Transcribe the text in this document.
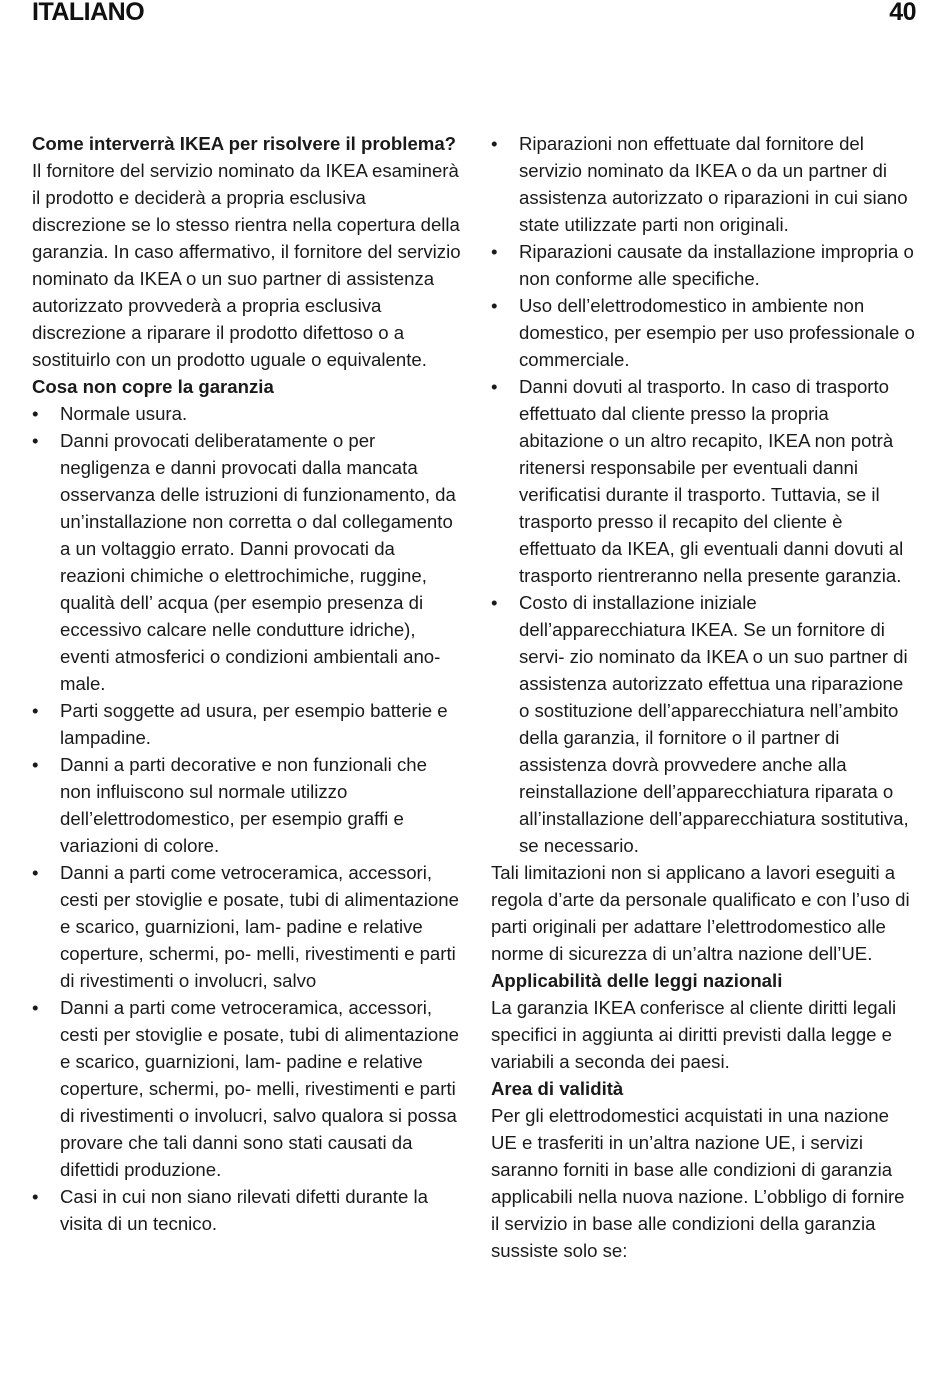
ITALIANO	40
Come interverrà IKEA per risolvere il problema?

Il fornitore del servizio nominato da IKEA esaminerà il prodotto e deciderà a propria esclusiva discrezione se lo stesso rientra nella copertura della garanzia. In caso affermativo, il fornitore del servizio nominato da IKEA o un suo partner di assistenza autorizzato provvederà a propria esclusiva discrezione a riparare il prodotto difettoso o a sostituirlo con un prodotto uguale o equivalente.

Cosa non copre la garanzia
• Normale usura.
• Danni provocati deliberatamente o per negligenza e danni provocati dalla mancata osservanza delle istruzioni di funzionamento, da un’installazione non corretta o dal collegamento a un voltaggio errato. Danni provocati da reazioni chimiche o elettrochimiche, ruggine, qualità dell’ acqua (per esempio presenza di eccessivo calcare nelle condutture idriche), eventi atmosferici o condizioni ambientali ano- male.
• Parti soggette ad usura, per esempio batterie e lampadine.
• Danni a parti decorative e non funzionali che non influiscono sul normale utilizzo dell’elettrodomestico, per esempio graffi e variazioni di colore.
• Danni a parti come vetroceramica, accessori, cesti per stoviglie e posate, tubi di alimentazione e scarico, guarnizioni, lam- padine e relative coperture, schermi, po- melli, rivestimenti e parti di rivestimenti o involucri, salvo
• Danni a parti come vetroceramica, accessori, cesti per stoviglie e posate, tubi di alimentazione e scarico, guarnizioni, lam- padine e relative coperture, schermi, po- melli, rivestimenti e parti di rivestimenti o involucri, salvo qualora si possa provare che tali danni sono stati causati da difettidi produzione.
• Casi in cui non siano rilevati difetti durante la visita di un tecnico.
• Riparazioni non effettuate dal fornitore del servizio nominato da IKEA o da un partner di assistenza autorizzato o riparazioni in cui siano state utilizzate parti non originali.
• Riparazioni causate da installazione impropria o non conforme alle specifiche.
• Uso dell’elettrodomestico in ambiente non domestico, per esempio per uso professionale o commerciale.
• Danni dovuti al trasporto. In caso di trasporto effettuato dal cliente presso la propria abitazione o un altro recapito, IKEA non potrà ritenersi responsabile per eventuali danni verificatisi durante il trasporto. Tuttavia, se il trasporto presso il recapito del cliente è effettuato da IKEA, gli eventuali danni dovuti al trasporto rientreranno nella presente garanzia.
• Costo di installazione iniziale dell’apparecchiatura IKEA. Se un fornitore di servi- zio nominato da IKEA o un suo partner di assistenza autorizzato effettua una riparazione o sostituzione dell’apparecchiatura nell’ambito della garanzia, il fornitore o il partner di assistenza dovrà provvedere anche alla reinstallazione dell’apparecchiatura riparata o all’installazione dell’apparecchiatura sostitutiva, se necessario.

Tali limitazioni non si applicano a lavori eseguiti a regola d’arte da personale qualificato e con l’uso di parti originali per adattare l’elettrodomestico alle norme di sicurezza di un’altra nazione dell’UE.

Applicabilità delle leggi nazionali

La garanzia IKEA conferisce al cliente diritti legali specifici in aggiunta ai diritti previsti dalla legge e variabili a seconda dei paesi.

Area di validità

Per gli elettrodomestici acquistati in una nazione UE e trasferiti in un’altra nazione UE, i servizi saranno forniti in base alle condizioni di garanzia applicabili nella nuova nazione. L’obbligo di fornire il servizio in base alle condizioni della garanzia sussiste solo se:
